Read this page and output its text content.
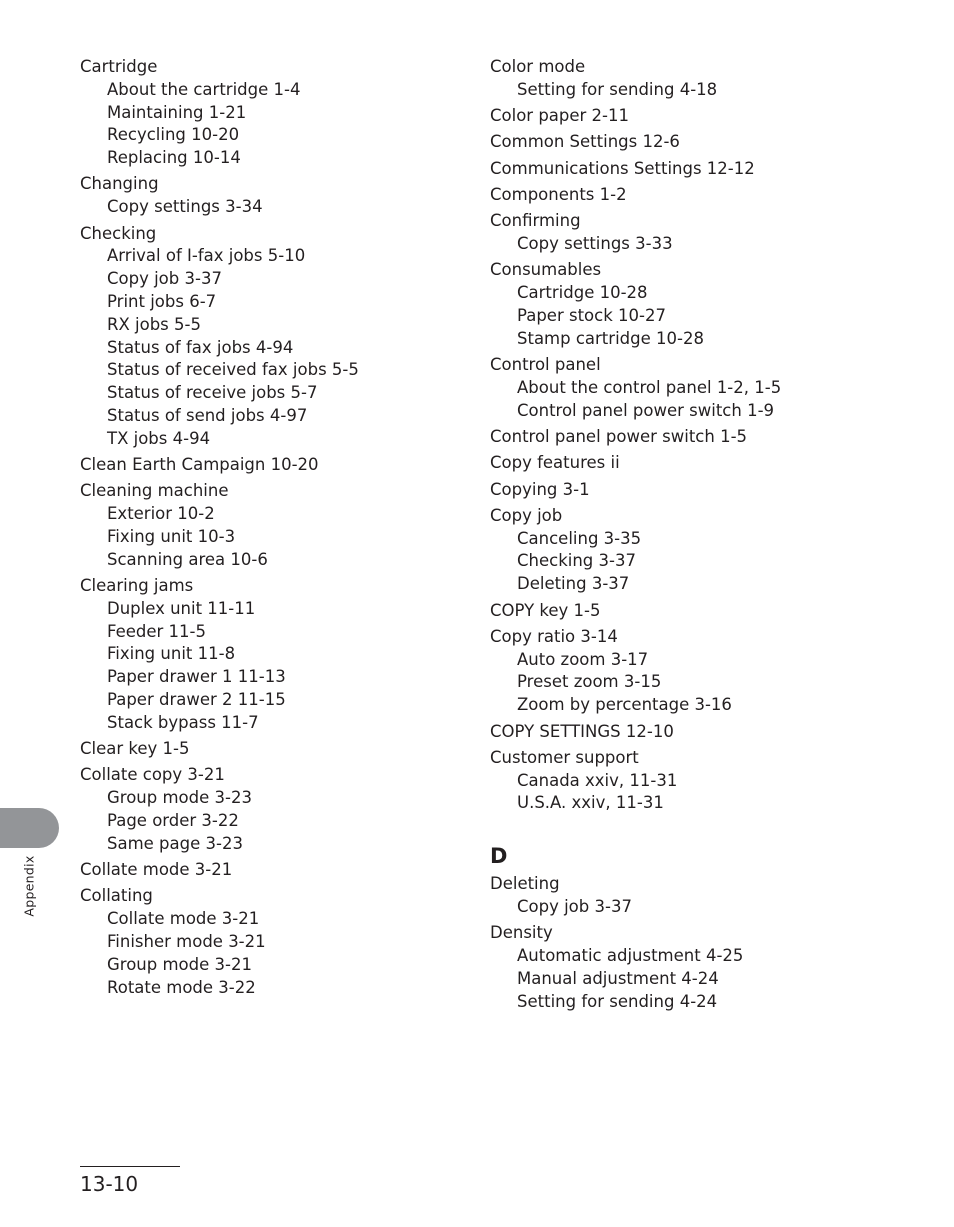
Appendix
Cartridge
About the cartridge 1-4
Maintaining 1-21
Recycling 10-20
Replacing 10-14
Changing
Copy settings 3-34
Checking
Arrival of I-fax jobs 5-10
Copy job 3-37
Print jobs 6-7
RX jobs 5-5
Status of fax jobs 4-94
Status of received fax jobs 5-5
Status of receive jobs 5-7
Status of send jobs 4-97
TX jobs 4-94
Clean Earth Campaign 10-20
Cleaning machine
Exterior 10-2
Fixing unit 10-3
Scanning area 10-6
Clearing jams
Duplex unit 11-11
Feeder 11-5
Fixing unit 11-8
Paper drawer 1 11-13
Paper drawer 2 11-15
Stack bypass 11-7
Clear key 1-5
Collate copy 3-21
Group mode 3-23
Page order 3-22
Same page 3-23
Collate mode 3-21
Collating
Collate mode 3-21
Finisher mode 3-21
Group mode 3-21
Rotate mode 3-22
Color mode
Setting for sending 4-18
Color paper 2-11
Common Settings 12-6
Communications Settings 12-12
Components 1-2
Confirming
Copy settings 3-33
Consumables
Cartridge 10-28
Paper stock 10-27
Stamp cartridge 10-28
Control panel
About the control panel 1-2, 1-5
Control panel power switch 1-9
Control panel power switch 1-5
Copy features ii
Copying 3-1
Copy job
Canceling 3-35
Checking 3-37
Deleting 3-37
COPY key 1-5
Copy ratio 3-14
Auto zoom 3-17
Preset zoom 3-15
Zoom by percentage 3-16
COPY SETTINGS 12-10
Customer support
Canada xxiv, 11-31
U.S.A. xxiv, 11-31
D
Deleting
Copy job 3-37
Density
Automatic adjustment 4-25
Manual adjustment 4-24
Setting for sending 4-24
13-10
